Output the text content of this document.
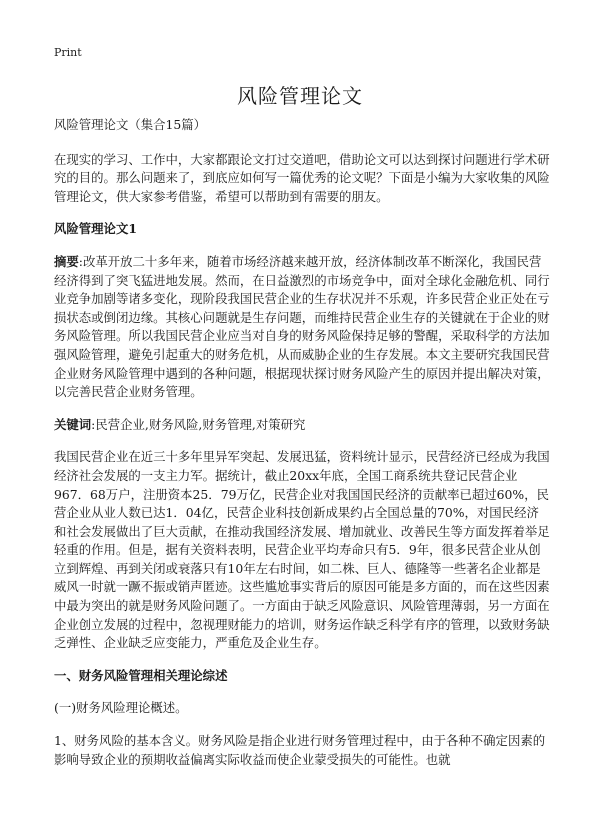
Print
风险管理论文

风险管理论文（集合15篇）

在现实的学习、工作中，大家都跟论文打过交道吧，借助论文可以达到探讨问题进行学术研究的目的。那么问题来了，到底应如何写一篇优秀的论文呢？下面是小编为大家收集的风险管理论文，供大家参考借鉴，希望可以帮助到有需要的朋友。

风险管理论文1

摘要:改革开放二十多年来，随着市场经济越来越开放，经济体制改革不断深化，我国民营经济得到了突飞猛进地发展。然而，在日益激烈的市场竞争中，面对全球化金融危机、同行业竞争加剧等诸多变化，现阶段我国民营企业的生存状况并不乐观，许多民营企业正处在亏损状态或倒闭边缘。其核心问题就是生存问题，而维持民营企业生存的关键就在于企业的财务风险管理。所以我国民营企业应当对自身的财务风险保持足够的警醒，采取科学的方法加强风险管理，避免引起重大的财务危机，从而威胁企业的生存发展。本文主要研究我国民营企业财务风险管理中遇到的各种问题，根据现状探讨财务风险产生的原因并提出解决对策，以完善民营企业财务管理。

关键词:民营企业,财务风险,财务管理,对策研究

我国民营企业在近三十多年里异军突起、发展迅猛，资料统计显示，民营经济已经成为我国经济社会发展的一支主力军。据统计，截止20xx年底，全国工商系统共登记民营企业967．68万户，注册资本25．79万亿，民营企业对我国国民经济的贡献率已超过60%，民营企业从业人数已达1．04亿，民营企业科技创新成果约占全国总量的70%，对国民经济和社会发展做出了巨大贡献，在推动我国经济发展、增加就业、改善民生等方面发挥着举足轻重的作用。但是，据有关资料表明，民营企业平均寿命只有5．9年，很多民营企业从创立到辉煌、再到关闭或衰落只有10年左右时间，如二株、巨人、德隆等一些著名企业都是威风一时就一蹶不振或销声匿迹。这些尴尬事实背后的原因可能是多方面的，而在这些因素中最为突出的就是财务风险问题了。一方面由于缺乏风险意识、风险管理薄弱，另一方面在企业创立发展的过程中，忽视理财能力的培训，财务运作缺乏科学有序的管理，以致财务缺乏弹性、企业缺乏应变能力，严重危及企业生存。

一、财务风险管理相关理论综述

(一)财务风险理论概述。

1、财务风险的基本含义。财务风险是指企业进行财务管理过程中，由于各种不确定因素的影响导致企业的预期收益偏离实际收益而使企业蒙受损失的可能性。也就
